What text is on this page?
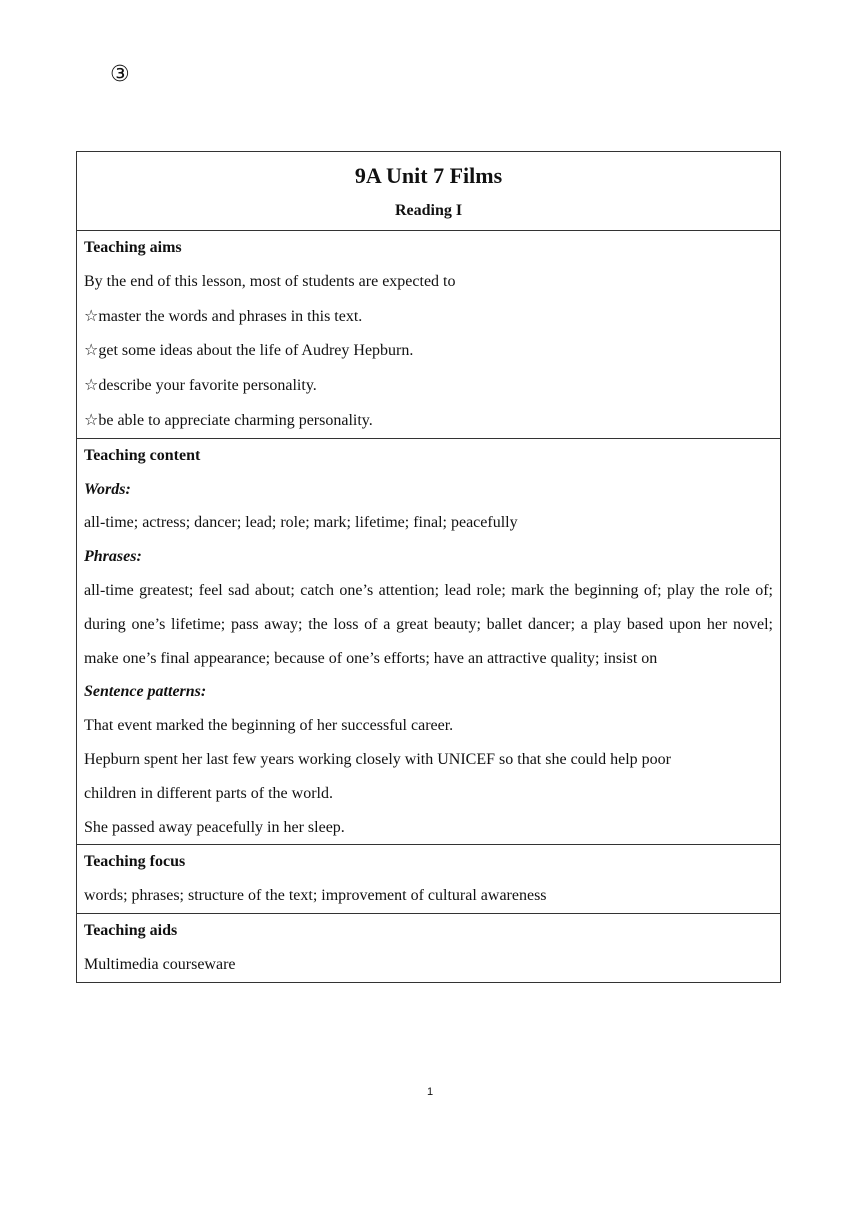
③
9A Unit 7 Films
Reading I

Teaching aims
By the end of this lesson, most of students are expected to
☆master the words and phrases in this text.
☆get some ideas about the life of Audrey Hepburn.
☆describe your favorite personality.
☆be able to appreciate charming personality.

Teaching content
Words:
all-time; actress; dancer; lead; role; mark; lifetime; final; peacefully
Phrases:
all-time greatest; feel sad about; catch one’s attention; lead role; mark the beginning of; play the role of; during one’s lifetime; pass away; the loss of a great beauty; ballet dancer; a play based upon her novel; make one’s final appearance; because of one’s efforts; have an attractive quality; insist on
Sentence patterns:
That event marked the beginning of her successful career.
Hepburn spent her last few years working closely with UNICEF so that she could help poor
children in different parts of the world.
She passed away peacefully in her sleep.

Teaching focus
words; phrases; structure of the text; improvement of cultural awareness

Teaching aids
Multimedia courseware
1
